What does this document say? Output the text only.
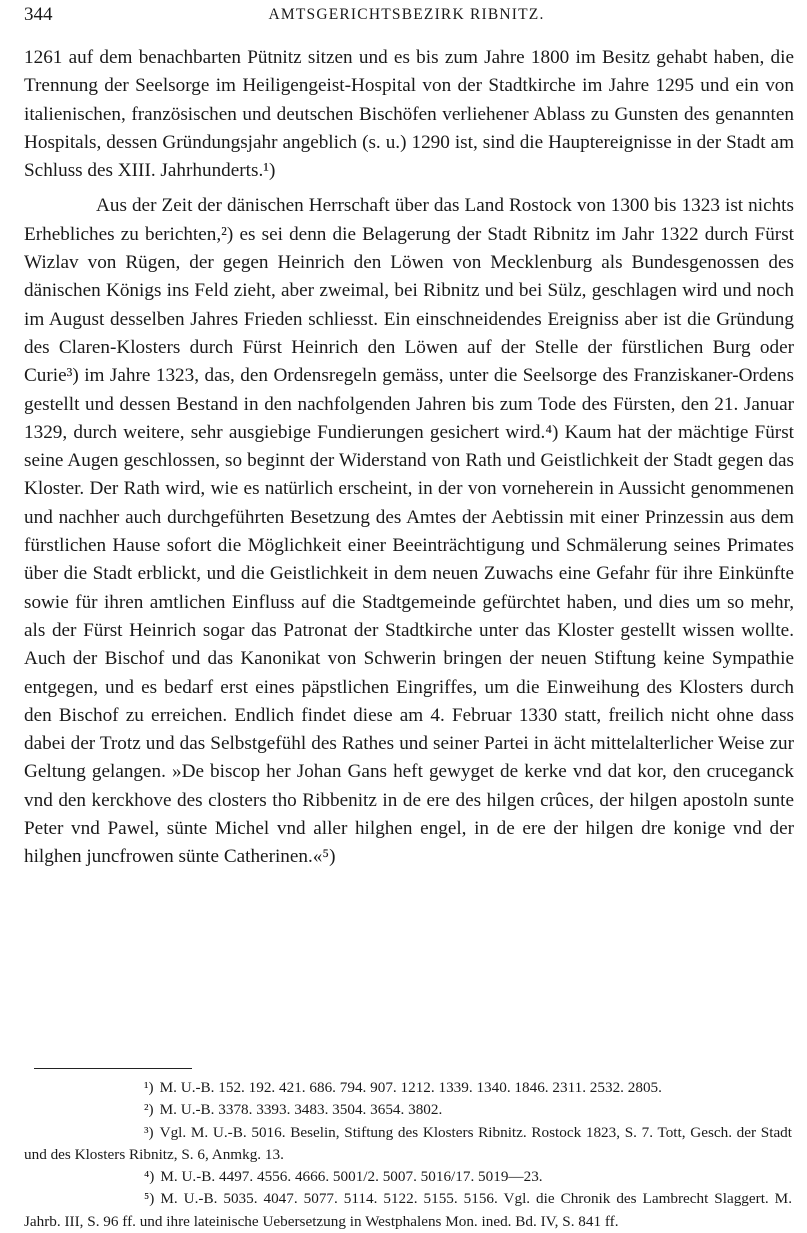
344	AMTSGERICHTSBEZIRK RIBNITZ.

1261 auf dem benachbarten Pütnitz sitzen und es bis zum Jahre 1800 im Besitz gehabt haben, die Trennung der Seelsorge im Heiligengeist-Hospital von der Stadtkirche im Jahre 1295 und ein von italienischen, französischen und deutschen Bischöfen verliehener Ablass zu Gunsten des genannten Hospitals, dessen Gründungsjahr angeblich (s. u.) 1290 ist, sind die Hauptereignisse in der Stadt am Schluss des XIII. Jahrhunderts.¹)

Aus der Zeit der dänischen Herrschaft über das Land Rostock von 1300 bis 1323 ist nichts Erhebliches zu berichten,²) es sei denn die Belagerung der Stadt Ribnitz im Jahr 1322 durch Fürst Wizlav von Rügen, der gegen Heinrich den Löwen von Mecklenburg als Bundesgenossen des dänischen Königs ins Feld zieht, aber zweimal, bei Ribnitz und bei Sülz, geschlagen wird und noch im August desselben Jahres Frieden schliesst. Ein einschneidendes Ereigniss aber ist die Gründung des Claren-Klosters durch Fürst Heinrich den Löwen auf der Stelle der fürstlichen Burg oder Curie³) im Jahre 1323, das, den Ordensregeln gemäss, unter die Seelsorge des Franziskaner-Ordens gestellt und dessen Bestand in den nachfolgenden Jahren bis zum Tode des Fürsten, den 21. Januar 1329, durch weitere, sehr ausgiebige Fundierungen gesichert wird.⁴) Kaum hat der mächtige Fürst seine Augen geschlossen, so beginnt der Widerstand von Rath und Geistlichkeit der Stadt gegen das Kloster. Der Rath wird, wie es natürlich erscheint, in der von vorneherein in Aussicht genommenen und nachher auch durchgeführten Besetzung des Amtes der Aebtissin mit einer Prinzessin aus dem fürstlichen Hause sofort die Möglichkeit einer Beeinträchtigung und Schmälerung seines Primates über die Stadt erblickt, und die Geistlichkeit in dem neuen Zuwachs eine Gefahr für ihre Einkünfte sowie für ihren amtlichen Einfluss auf die Stadtgemeinde gefürchtet haben, und dies um so mehr, als der Fürst Heinrich sogar das Patronat der Stadtkirche unter das Kloster gestellt wissen wollte. Auch der Bischof und das Kanonikat von Schwerin bringen der neuen Stiftung keine Sympathie entgegen, und es bedarf erst eines päpstlichen Eingriffes, um die Einweihung des Klosters durch den Bischof zu erreichen. Endlich findet diese am 4. Februar 1330 statt, freilich nicht ohne dass dabei der Trotz und das Selbstgefühl des Rathes und seiner Partei in ächt mittelalterlicher Weise zur Geltung gelangen. »De biscop her Johan Gans heft gewyget de kerke vnd dat kor, den cruceganck vnd den kerckhove des closters tho Ribbenitz in de ere des hilgen crûces, der hilgen apostoln sunte Peter vnd Pawel, sünte Michel vnd aller hilghen engel, in de ere der hilgen dre konige vnd der hilghen juncfrowen sünte Catherinen.«⁵)

¹) M. U.-B. 152. 192. 421. 686. 794. 907. 1212. 1339. 1340. 1846. 2311. 2532. 2805.

²) M. U.-B. 3378. 3393. 3483. 3504. 3654. 3802.

³) Vgl. M. U.-B. 5016. Beselin, Stiftung des Klosters Ribnitz. Rostock 1823, S. 7. Tott, Gesch. der Stadt und des Klosters Ribnitz, S. 6, Anmkg. 13.

⁴) M. U.-B. 4497. 4556. 4666. 5001/2. 5007. 5016/17. 5019—23.

⁵) M. U.-B. 5035. 4047. 5077. 5114. 5122. 5155. 5156. Vgl. die Chronik des Lambrecht Slaggert. M. Jahrb. III, S. 96 ff. und ihre lateinische Uebersetzung in Westphalens Mon. ined. Bd. IV, S. 841 ff.
